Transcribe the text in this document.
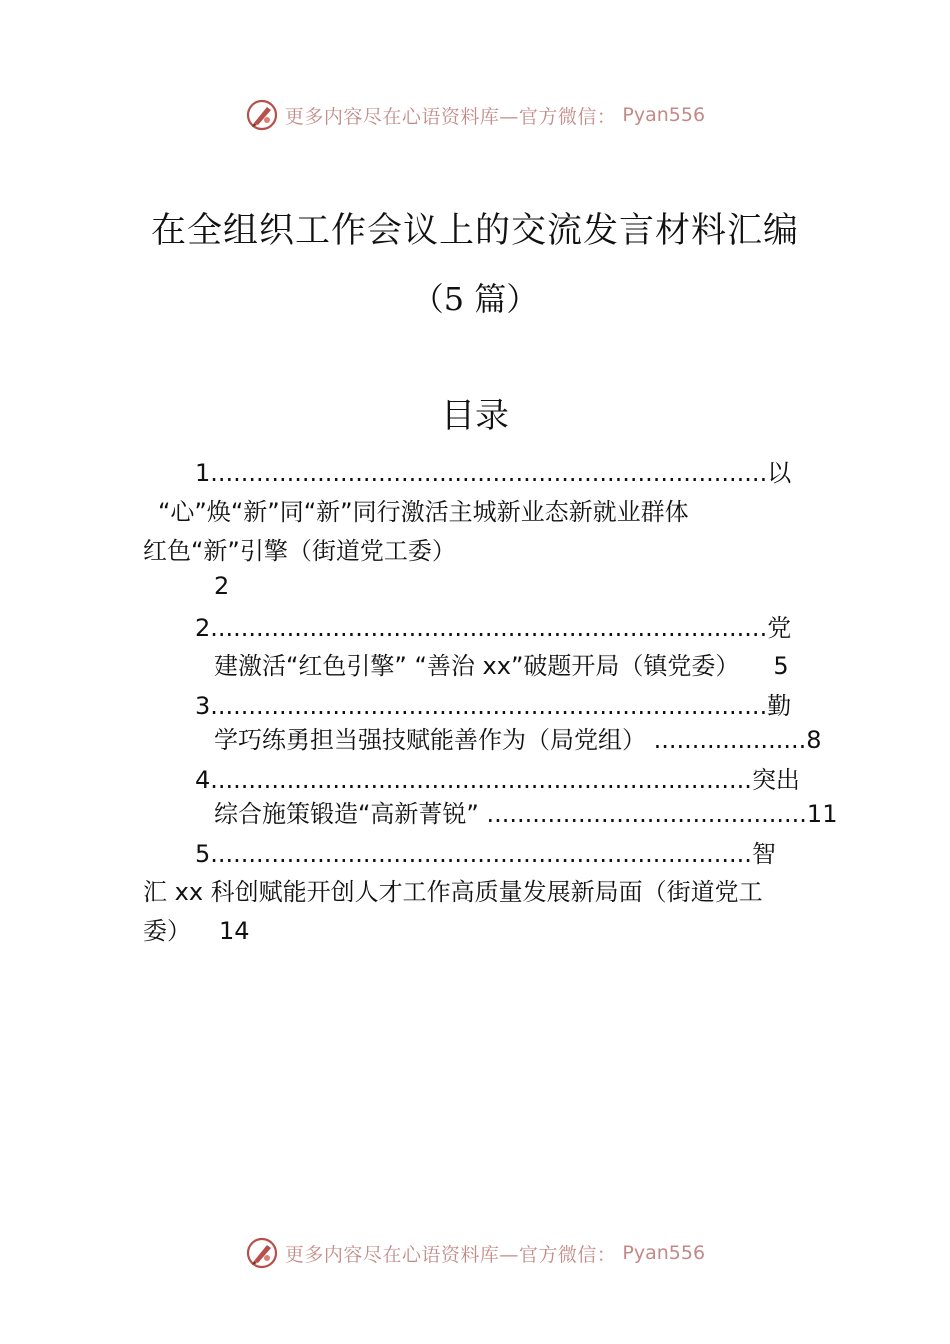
更多内容尽在心语资料库—官方微信： Pyan556
在全组织工作会议上的交流发言材料汇编
（5 篇）
目录
1.........................................................................以
“心”焕“新”同“新”同行激活主城新业态新就业群体
红色“新”引擎（街道党工委）
2
2.........................................................................党
建激活“红色引擎” “善治 xx”破题开局（镇党委） 5
3.........................................................................勤
学巧练勇担当强技赋能善作为（局党组） ....................8
4.......................................................................突出
综合施策锻造“高新菁锐” ..........................................11
5.......................................................................智
汇 xx 科创赋能开创人才工作高质量发展新局面（街道党工
委） 14
更多内容尽在心语资料库—官方微信： Pyan556
